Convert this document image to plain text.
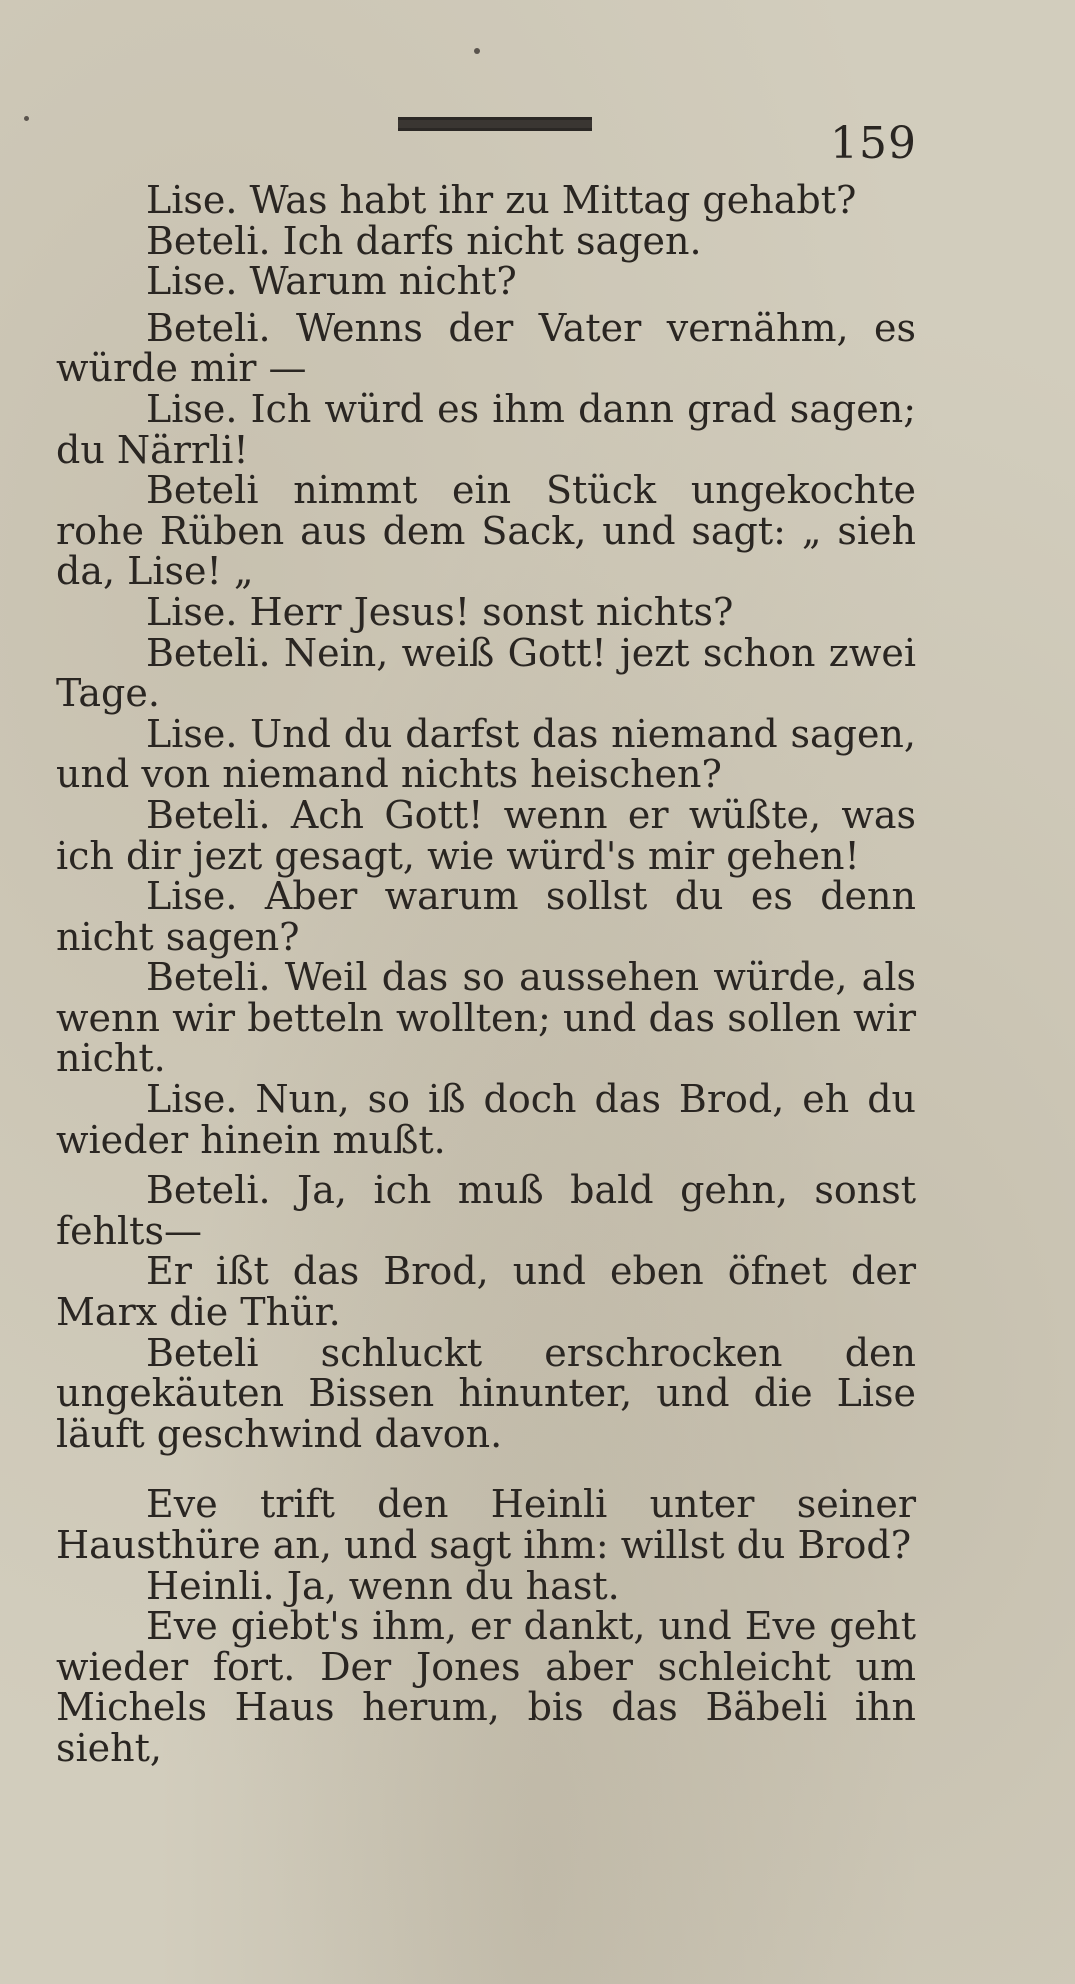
159

Lise. Was habt ihr zu Mittag gehabt?

Beteli. Ich darfs nicht sagen.

Lise. Warum nicht?

Beteli. Wenns der Vater vernähm, es würde mir —

Lise. Ich würd es ihm dann grad sagen; du Närrli!

Beteli nimmt ein Stück ungekochte rohe Rüben aus dem Sack, und sagt: „ sieh da, Lise! „

Lise. Herr Jesus! sonst nichts?

Beteli. Nein, weiß Gott! jezt schon zwei Tage.

Lise. Und du darfst das niemand sagen, und von niemand nichts heischen?

Beteli. Ach Gott! wenn er wüßte, was ich dir jezt gesagt, wie würd's mir gehen!

Lise. Aber warum sollst du es denn nicht sagen?

Beteli. Weil das so aussehen würde, als wenn wir betteln wollten; und das sollen wir nicht.

Lise. Nun, so iß doch das Brod, eh du wieder hinein mußt.

Beteli. Ja, ich muß bald gehn, sonst fehlts—

Er ißt das Brod, und eben öfnet der Marx die Thür.

Beteli schluckt erschrocken den ungekäuten Bissen hinunter, und die Lise läuft geschwind davon.

Eve trift den Heinli unter seiner Hausthüre an, und sagt ihm: willst du Brod?

Heinli. Ja, wenn du hast.

Eve giebt's ihm, er dankt, und Eve geht wieder fort. Der Jones aber schleicht um Michels Haus herum, bis das Bäbeli ihn sieht,
